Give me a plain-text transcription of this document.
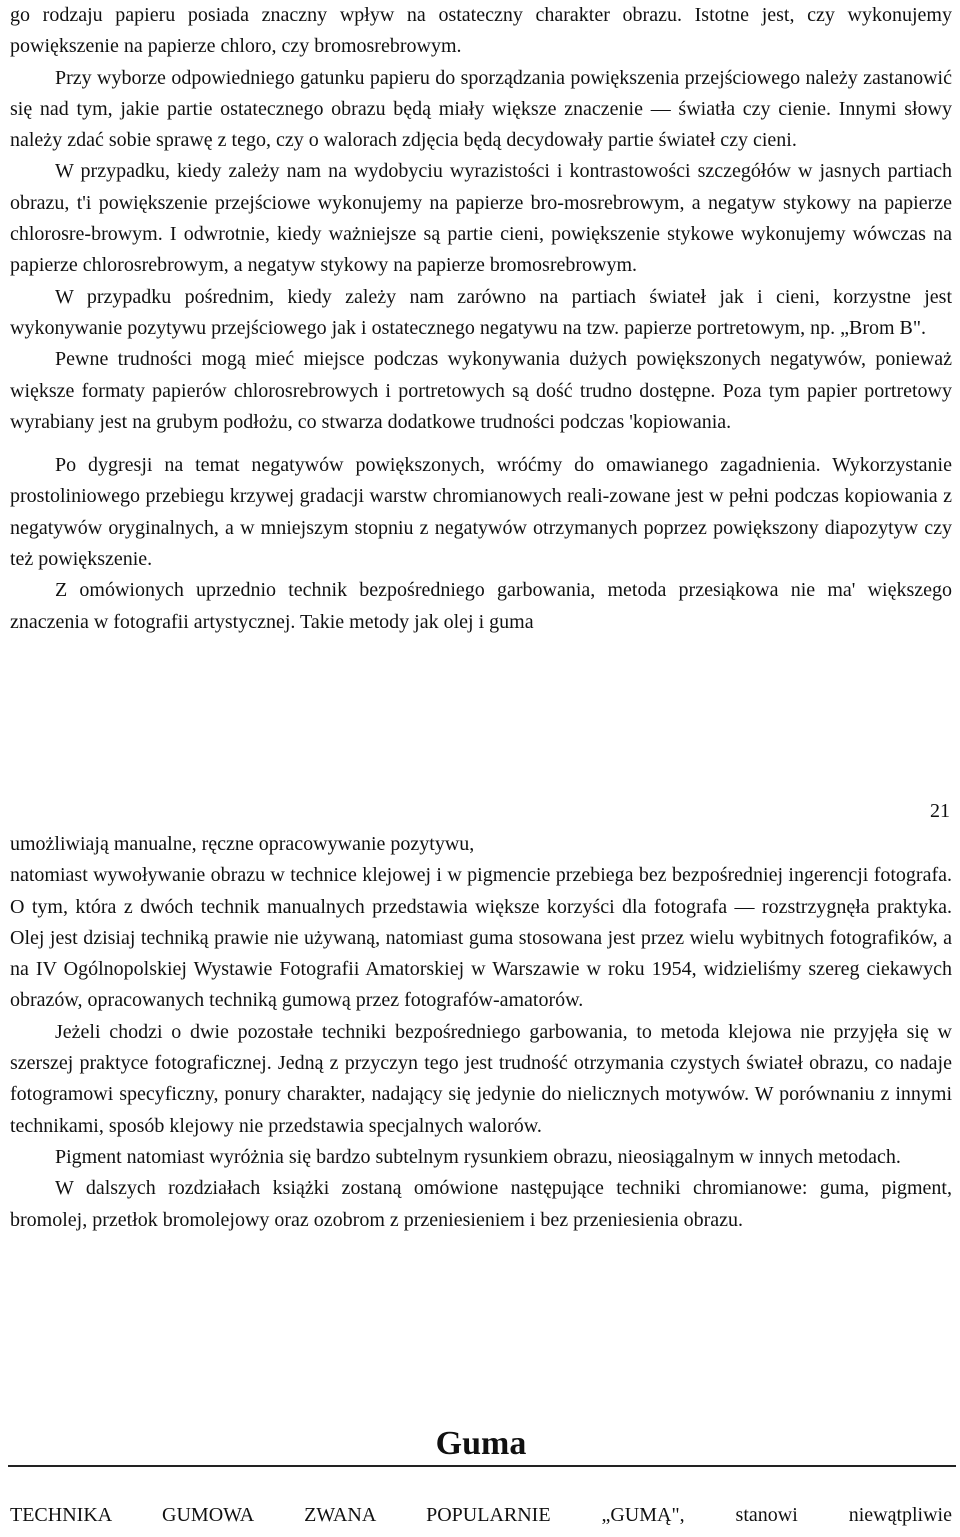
go rodzaju papieru posiada znaczny wpływ na ostateczny charakter obrazu. Istotne jest, czy wykonujemy powiększenie na papierze chloro, czy bromosrebrowym.

Przy wyborze odpowiedniego gatunku papieru do sporządzania powiększenia przejściowego należy zastanowić się nad tym, jakie partie ostatecznego obrazu będą miały większe znaczenie — światła czy cienie. Innymi słowy należy zdać sobie sprawę z tego, czy o walorach zdjęcia będą decydowały partie świateł czy cieni.

W przypadku, kiedy zależy nam na wydobyciu wyrazistości i kontrastowości szczegółów w jasnych partiach obrazu, t'i powiększenie przejściowe wykonujemy na papierze bro-mosrebrowym, a negatyw stykowy na papierze chlorosre-browym. I odwrotnie, kiedy ważniejsze są partie cieni, powiększenie stykowe wykonujemy wówczas na papierze chlorosrebrowym, a negatyw stykowy na papierze bromosrebrowym.

W przypadku pośrednim, kiedy zależy nam zarówno na partiach świateł jak i cieni, korzystne jest wykonywanie pozytywu przejściowego jak i ostatecznego negatywu na tzw. papierze portretowym, np. „Brom B".

Pewne trudności mogą mieć miejsce podczas wykonywania dużych powiększonych negatywów, ponieważ większe formaty papierów chlorosrebrowych i portretowych są dość trudno dostępne. Poza tym papier portretowy wyrabiany jest na grubym podłożu, co stwarza dodatkowe trudności podczas 'kopiowania.

Po dygresji na temat negatywów powiększonych, wróćmy do omawianego zagadnienia. Wykorzystanie prostoliniowego przebiegu krzywej gradacji warstw chromianowych reali-zowane jest w pełni podczas kopiowania z negatywów oryginalnych, a w mniejszym stopniu z negatywów otrzymanych poprzez powiększony diapozytyw czy też powiększenie.

Z omówionych uprzednio technik bezpośredniego garbowania, metoda przesiąkowa nie ma' większego znaczenia w fotografii artystycznej. Takie metody jak olej i guma

21

umożliwiają manualne, ręczne opracowywanie pozytywu,

natomiast wywoływanie obrazu w technice klejowej i w pigmencie przebiega bez bezpośredniej ingerencji fotografa. O tym, która z dwóch technik manualnych przedstawia większe korzyści dla fotografa — rozstrzygnęła praktyka. Olej jest dzisiaj techniką prawie nie używaną, natomiast guma stosowana jest przez wielu wybitnych fotografików, a na IV Ogólnopolskiej Wystawie Fotografii Amatorskiej w Warszawie w roku 1954, widzieliśmy szereg ciekawych obrazów, opracowanych techniką gumową przez fotografów-amatorów.

Jeżeli chodzi o dwie pozostałe techniki bezpośredniego garbowania, to metoda klejowa nie przyjęła się w szerszej praktyce fotograficznej. Jedną z przyczyn tego jest trudność otrzymania czystych świateł obrazu, co nadaje fotogramowi specyficzny, ponury charakter, nadający się jedynie do nielicznych motywów. W porównaniu z innymi technikami, sposób klejowy nie przedstawia specjalnych walorów.

Pigment natomiast wyróżnia się bardzo subtelnym rysunkiem obrazu, nieosiągalnym w innych metodach.

W dalszych rozdziałach książki zostaną omówione następujące techniki chromianowe: guma, pigment, bromolej, przetłok bromolejowy oraz ozobrom z przeniesieniem i bez przeniesienia obrazu.

Guma

TECHNIKA GUMOWA ZWANA POPULARNIE „GUMĄ", stanowi niewątpliwie
